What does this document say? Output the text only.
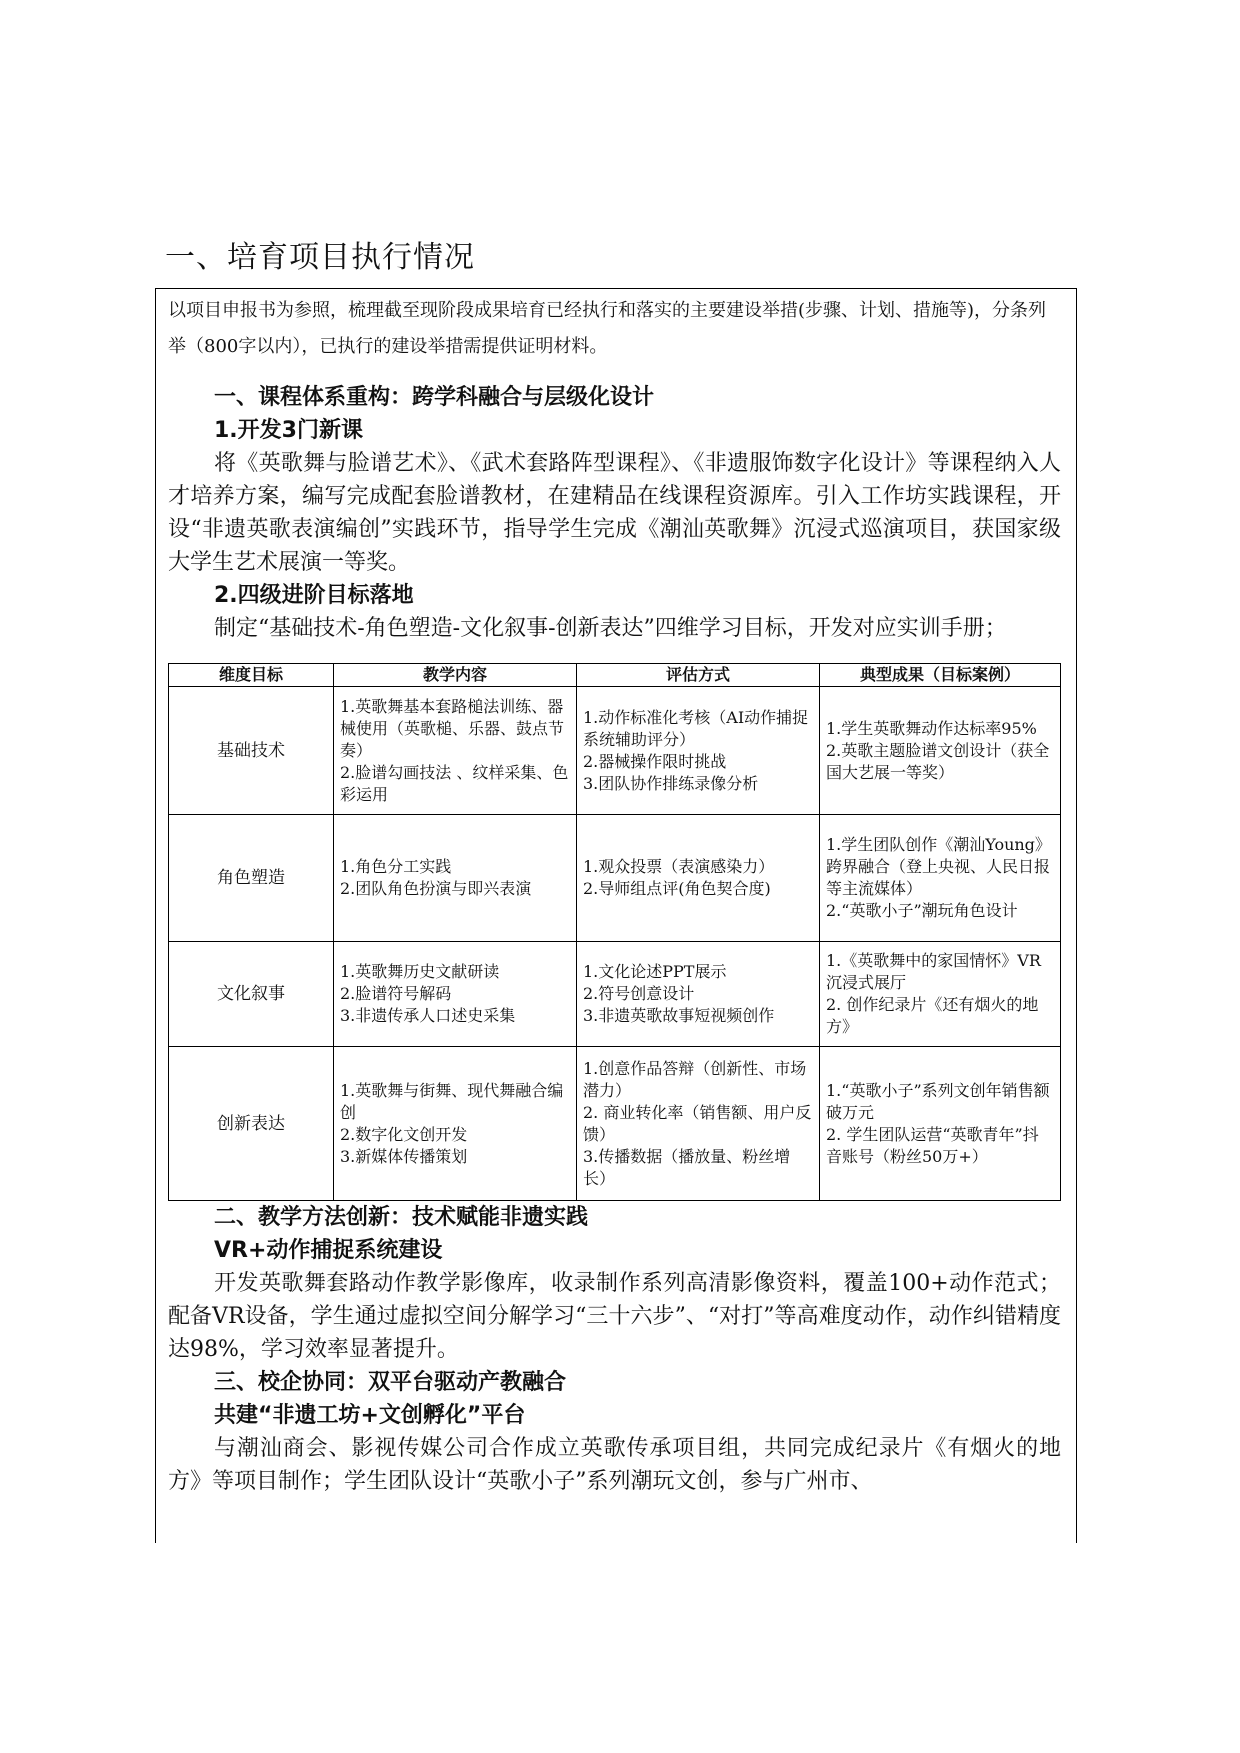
一、培育项目执行情况

以项目申报书为参照，梳理截至现阶段成果培育已经执行和落实的主要建设举措(步骤、计划、措施等)，分条列举（800字以内），已执行的建设举措需提供证明材料。

一、课程体系重构：跨学科融合与层级化设计

1.开发3门新课

将《英歌舞与脸谱艺术》、《武术套路阵型课程》、《非遗服饰数字化设计》等课程纳入人才培养方案，编写完成配套脸谱教材，在建精品在线课程资源库。引入工作坊实践课程，开设“非遗英歌表演编创”实践环节，指导学生完成《潮汕英歌舞》沉浸式巡演项目，获国家级大学生艺术展演一等奖。

2.四级进阶目标落地

制定“基础技术-角色塑造-文化叙事-创新表达”四维学习目标，开发对应实训手册；

维度目标	教学内容	评估方式	典型成果（目标案例）
基础技术	1.英歌舞基本套路槌法训练、器械使用（英歌槌、乐器、鼓点节奏）
2.脸谱勾画技法 、纹样采集、色彩运用	1.动作标准化考核（AI动作捕捉系统辅助评分）
2.器械操作限时挑战
3.团队协作排练录像分析	1.学生英歌舞动作达标率95%
2.英歌主题脸谱文创设计（获全国大艺展一等奖）

角色塑造	1.角色分工实践
2.团队角色扮演与即兴表演	1.观众投票（表演感染力）
2.导师组点评(角色契合度)	1.学生团队创作《潮汕Young》跨界融合（登上央视、人民日报等主流媒体）
2.“英歌小子”潮玩角色设计

文化叙事	1.英歌舞历史文献研读
2.脸谱符号解码
3.非遗传承人口述史采集	1.文化论述PPT展示
2.符号创意设计
3.非遗英歌故事短视频创作	1.《英歌舞中的家国情怀》VR沉浸式展厅
2. 创作纪录片《还有烟火的地方》

创新表达	1.英歌舞与街舞、现代舞融合编创
2.数字化文创开发
3.新媒体传播策划	1.创意作品答辩（创新性、市场潜力）
2. 商业转化率（销售额、用户反馈）
3.传播数据（播放量、粉丝增长）	1.“英歌小子”系列文创年销售额破万元
2. 学生团队运营“英歌青年”抖音账号（粉丝50万+）

二、教学方法创新：技术赋能非遗实践

VR+动作捕捉系统建设

开发英歌舞套路动作教学影像库，收录制作系列高清影像资料，覆盖100+动作范式；配备VR设备，学生通过虚拟空间分解学习“三十六步”、“对打”等高难度动作，动作纠错精度达98%，学习效率显著提升。

三、校企协同：双平台驱动产教融合

共建“非遗工坊+文创孵化”平台

与潮汕商会、影视传媒公司合作成立英歌传承项目组，共同完成纪录片《有烟火的地方》等项目制作；学生团队设计“英歌小子”系列潮玩文创，参与广州市、
